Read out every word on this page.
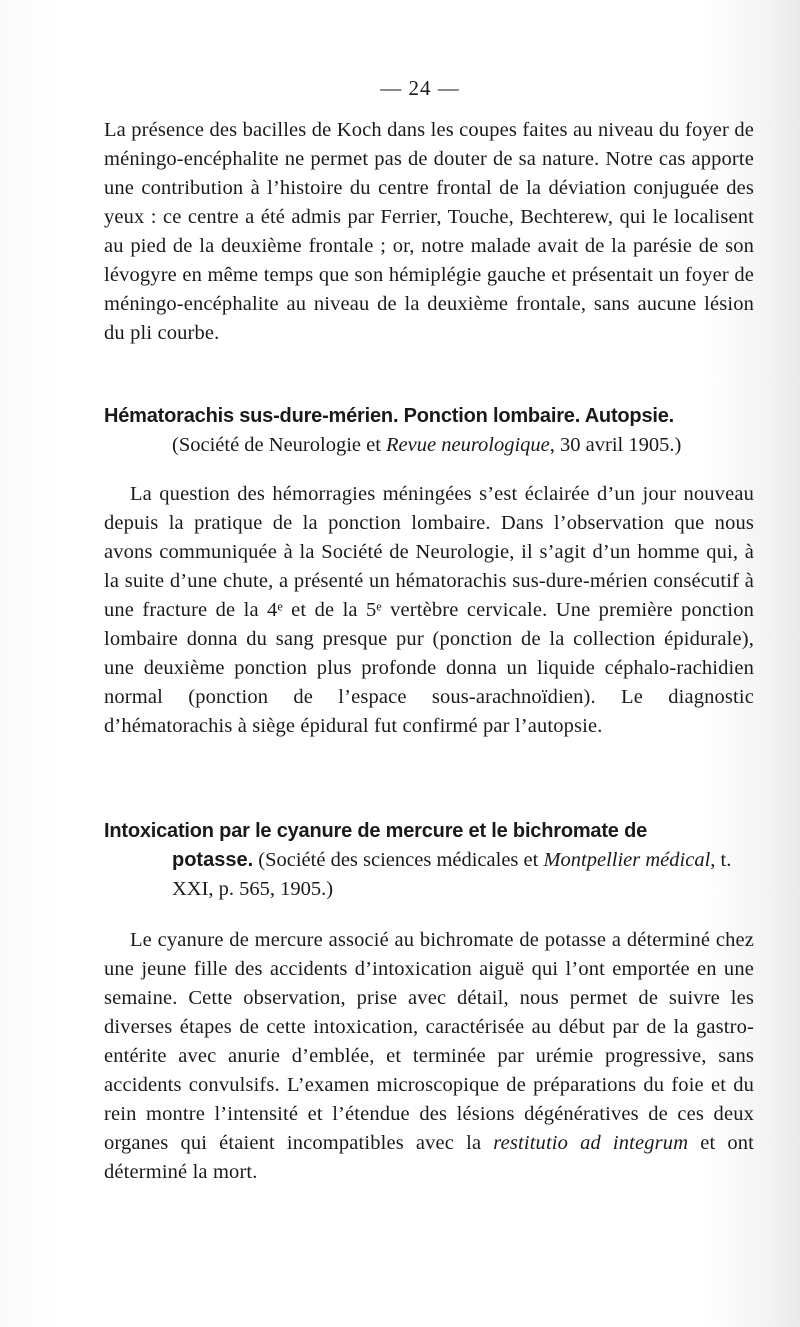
— 24 —

La présence des bacilles de Koch dans les coupes faites au niveau du foyer de méningo-encéphalite ne permet pas de douter de sa nature. Notre cas apporte une contribution à l’histoire du centre frontal de la déviation conjuguée des yeux : ce centre a été admis par Ferrier, Touche, Bechterew, qui le localisent au pied de la deuxième frontale ; or, notre malade avait de la parésie de son lévogyre en même temps que son hémiplégie gauche et présentait un foyer de méningo-encéphalite au niveau de la deuxième frontale, sans aucune lésion du pli courbe.

Hématorachis sus-dure-mérien. Ponction lombaire. Autopsie.
(Société de Neurologie et Revue neurologique, 30 avril 1905.)

La question des hémorragies méningées s’est éclairée d’un jour nouveau depuis la pratique de la ponction lombaire. Dans l’observation que nous avons communiquée à la Société de Neurologie, il s’agit d’un homme qui, à la suite d’une chute, a présenté un hématorachis sus-dure-mérien consécutif à une fracture de la 4ᵉ et de la 5ᵉ vertèbre cervicale. Une première ponction lombaire donna du sang presque pur (ponction de la collection épidurale), une deuxième ponction plus profonde donna un liquide céphalo-rachidien normal (ponction de l’espace sous-arachnoïdien). Le diagnostic d’hématorachis à siège épidural fut confirmé par l’autopsie.

Intoxication par le cyanure de mercure et le bichromate de
potasse. (Société des sciences médicales et Montpellier médical, t. XXI, p. 565, 1905.)

Le cyanure de mercure associé au bichromate de potasse a déterminé chez une jeune fille des accidents d’intoxication aiguë qui l’ont emportée en une semaine. Cette observation, prise avec détail, nous permet de suivre les diverses étapes de cette intoxication, caractérisée au début par de la gastro-entérite avec anurie d’emblée, et terminée par urémie progressive, sans accidents convulsifs. L’examen microscopique de préparations du foie et du rein montre l’intensité et l’étendue des lésions dégénératives de ces deux organes qui étaient incompatibles avec la restitutio ad integrum et ont déterminé la mort.
